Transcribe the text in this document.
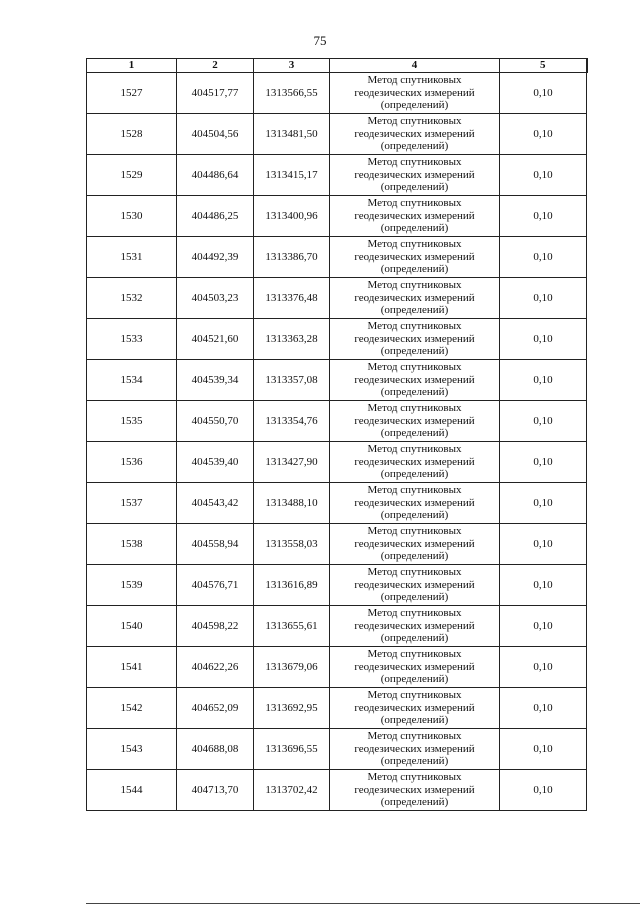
75
1	2	3	4	5
1527	404517,77	1313566,55	Метод спутниковых
геодезических измерений
(определений)	0,10
1528	404504,56	1313481,50	Метод спутниковых
геодезических измерений
(определений)	0,10
1529	404486,64	1313415,17	Метод спутниковых
геодезических измерений
(определений)	0,10
1530	404486,25	1313400,96	Метод спутниковых
геодезических измерений
(определений)	0,10
1531	404492,39	1313386,70	Метод спутниковых
геодезических измерений
(определений)	0,10
1532	404503,23	1313376,48	Метод спутниковых
геодезических измерений
(определений)	0,10
1533	404521,60	1313363,28	Метод спутниковых
геодезических измерений
(определений)	0,10
1534	404539,34	1313357,08	Метод спутниковых
геодезических измерений
(определений)	0,10
1535	404550,70	1313354,76	Метод спутниковых
геодезических измерений
(определений)	0,10
1536	404539,40	1313427,90	Метод спутниковых
геодезических измерений
(определений)	0,10
1537	404543,42	1313488,10	Метод спутниковых
геодезических измерений
(определений)	0,10
1538	404558,94	1313558,03	Метод спутниковых
геодезических измерений
(определений)	0,10
1539	404576,71	1313616,89	Метод спутниковых
геодезических измерений
(определений)	0,10
1540	404598,22	1313655,61	Метод спутниковых
геодезических измерений
(определений)	0,10
1541	404622,26	1313679,06	Метод спутниковых
геодезических измерений
(определений)	0,10
1542	404652,09	1313692,95	Метод спутниковых
геодезических измерений
(определений)	0,10
1543	404688,08	1313696,55	Метод спутниковых
геодезических измерений
(определений)	0,10
1544	404713,70	1313702,42	Метод спутниковых
геодезических измерений
(определений)	0,10
